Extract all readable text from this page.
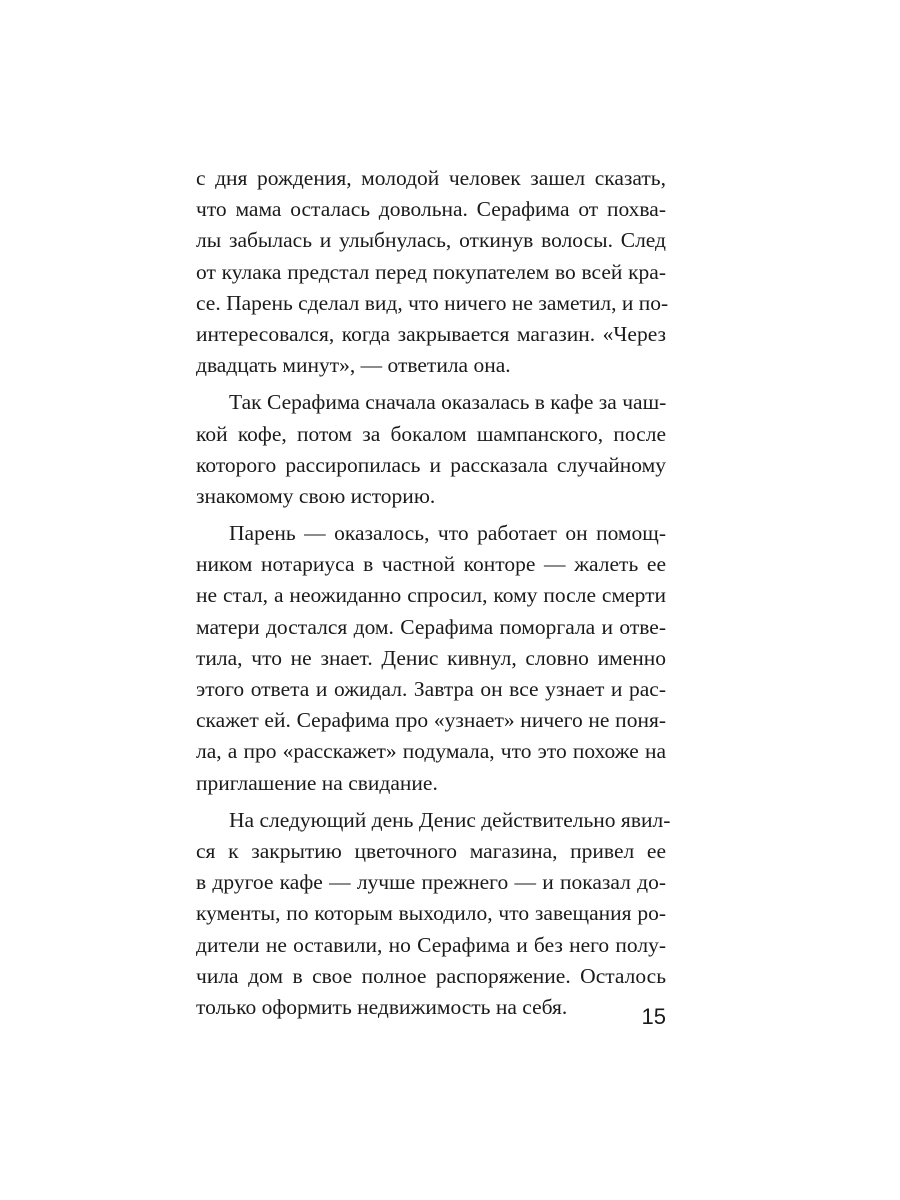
с дня рождения, молодой человек зашел сказать,
что мама осталась довольна. Серафима от похва-
лы забылась и улыбнулась, откинув волосы. След
от кулака предстал перед покупателем во всей кра-
се. Парень сделал вид, что ничего не заметил, и по-
интересовался, когда закрывается магазин. «Через
двадцать минут», — ответила она.
Так Серафима сначала оказалась в кафе за чаш-
кой кофе, потом за бокалом шампанского, после
которого рассиропилась и рассказала случайному
знакомому свою историю.
Парень — оказалось, что работает он помощ-
ником нотариуса в частной конторе — жалеть ее
не стал, а неожиданно спросил, кому после смерти
матери достался дом. Серафима поморгала и отве-
тила, что не знает. Денис кивнул, словно именно
этого ответа и ожидал. Завтра он все узнает и рас-
скажет ей. Серафима про «узнает» ничего не поня-
ла, а про «расскажет» подумала, что это похоже на
приглашение на свидание.
На следующий день Денис действительно явил-
ся к закрытию цветочного магазина, привел ее
в другое кафе — лучше прежнего — и показал до-
кументы, по которым выходило, что завещания ро-
дители не оставили, но Серафима и без него полу-
чила дом в свое полное распоряжение. Осталось
только оформить недвижимость на себя.	15
